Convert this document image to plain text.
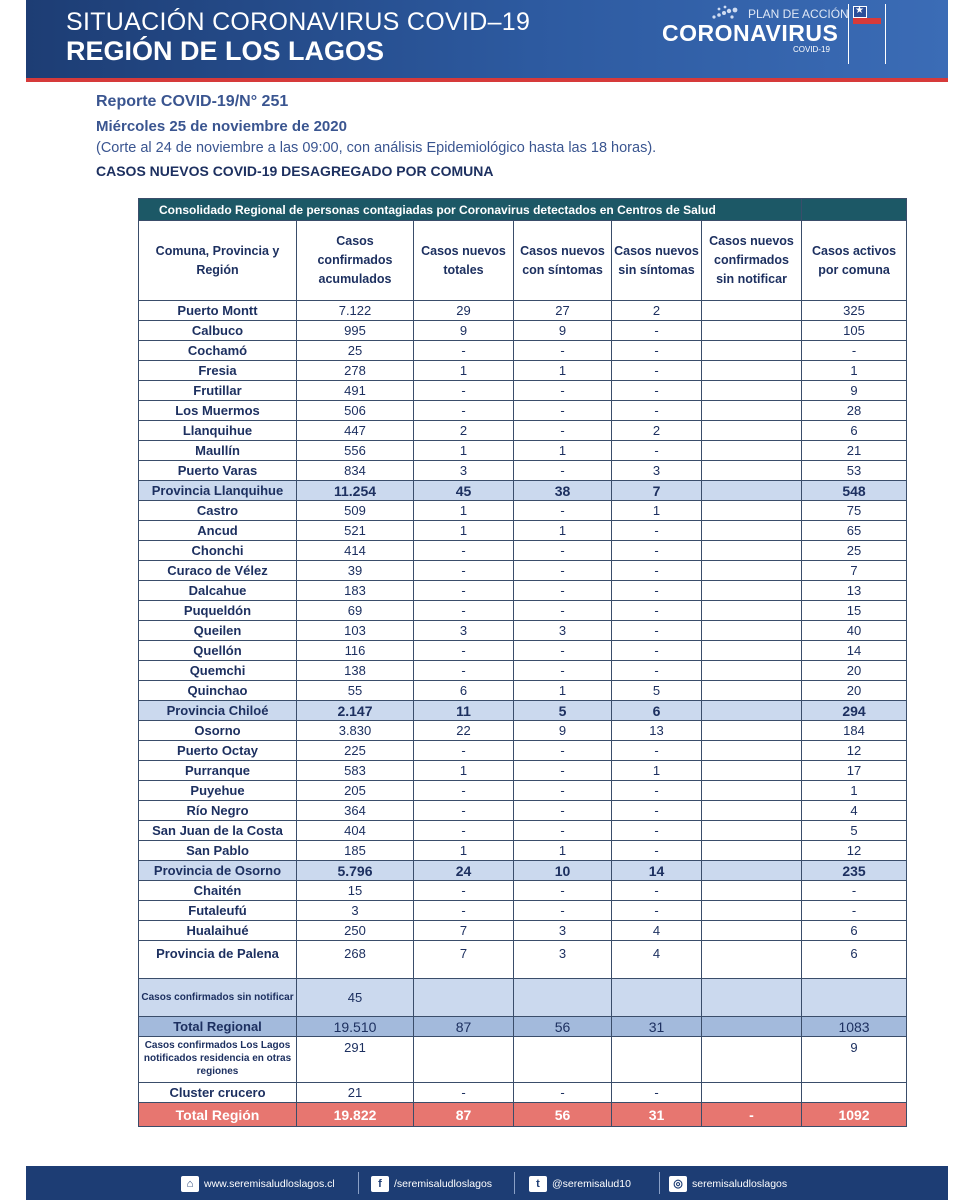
SITUACIÓN CORONAVIRUS COVID–19
REGIÓN DE LOS LAGOS
PLAN DE ACCIÓN
CORONAVIRUS
COVID-19
★
Reporte COVID-19/N° 251
Miércoles 25 de noviembre de 2020
(Corte al 24 de noviembre a las 09:00, con análisis Epidemiológico hasta las 18 horas).
CASOS NUEVOS COVID-19 DESAGREGADO POR COMUNA
Consolidado Regional de personas contagiadas por Coronavirus detectados en Centros de Salud						
Comuna, Provincia y Región	Casos confirmados acumulados	Casos nuevos totales	Casos nuevos con síntomas	Casos nuevos sin síntomas	Casos nuevos confirmados sin notificar	Casos activos por comuna
Puerto Montt	7.122	29	27	2		325
Calbuco	995	9	9	-		105
Cochamó	25	-	-	-		-
Fresia	278	1	1	-		1
Frutillar	491	-	-	-		9
Los Muermos	506	-	-	-		28
Llanquihue	447	2	-	2		6
Maullín	556	1	1	-		21
Puerto Varas	834	3	-	3		53
Provincia Llanquihue	11.254	45	38	7		548
Castro	509	1	-	1		75
Ancud	521	1	1	-		65
Chonchi	414	-	-	-		25
Curaco de Vélez	39	-	-	-		7
Dalcahue	183	-	-	-		13
Puqueldón	69	-	-	-		15
Queilen	103	3	3	-		40
Quellón	116	-	-	-		14
Quemchi	138	-	-	-		20
Quinchao	55	6	1	5		20
Provincia Chiloé	2.147	11	5	6		294
Osorno	3.830	22	9	13		184
Puerto Octay	225	-	-	-		12
Purranque	583	1	-	1		17
Puyehue	205	-	-	-		1
Río Negro	364	-	-	-		4
San Juan de la Costa	404	-	-	-		5
San Pablo	185	1	1	-		12
Provincia de Osorno	5.796	24	10	14		235
Chaitén	15	-	-	-		-
Futaleufú	3	-	-	-		-
Hualaihué	250	7	3	4		6
Provincia de Palena	268	7	3	4		6
Casos confirmados sin notificar	45					
Total Regional	19.510	87	56	31		1083
Casos confirmados Los Lagos notificados residencia en otras regiones	291					9
Cluster crucero	21	-	-	-		
Total Región	19.822	87	56	31	-	1092
⌂	www.seremisaludloslagos.cl	f	/seremisaludloslagos	t	@seremisalud10	◎ seremisaludloslagos
